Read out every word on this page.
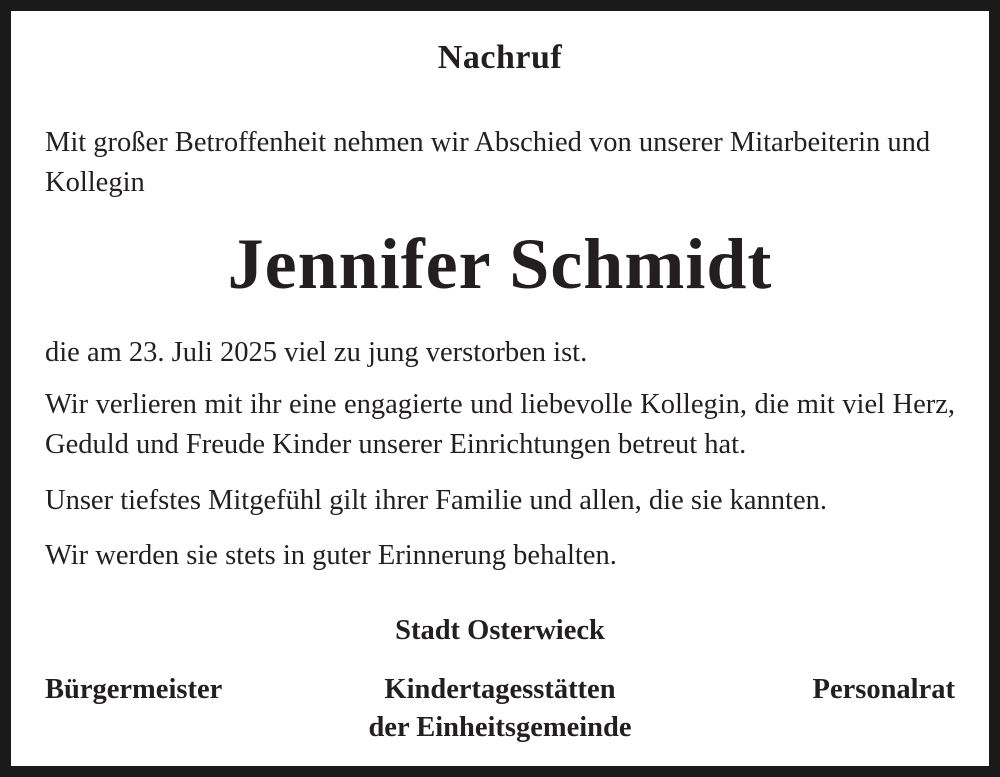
Nachruf
Mit großer Betroffenheit nehmen wir Abschied von unserer Mitarbeiterin und Kollegin
Jennifer Schmidt
die am 23. Juli 2025 viel zu jung verstorben ist.
Wir verlieren mit ihr eine engagierte und liebevolle Kollegin, die mit viel Herz, Geduld und Freude Kinder unserer Einrichtungen betreut hat.
Unser tiefstes Mitgefühl gilt ihrer Familie und allen, die sie kannten.
Wir werden sie stets in guter Erinnerung behalten.
Stadt Osterwieck
Bürgermeister	Kindertagesstätten
der Einheitsgemeinde
Personalrat
